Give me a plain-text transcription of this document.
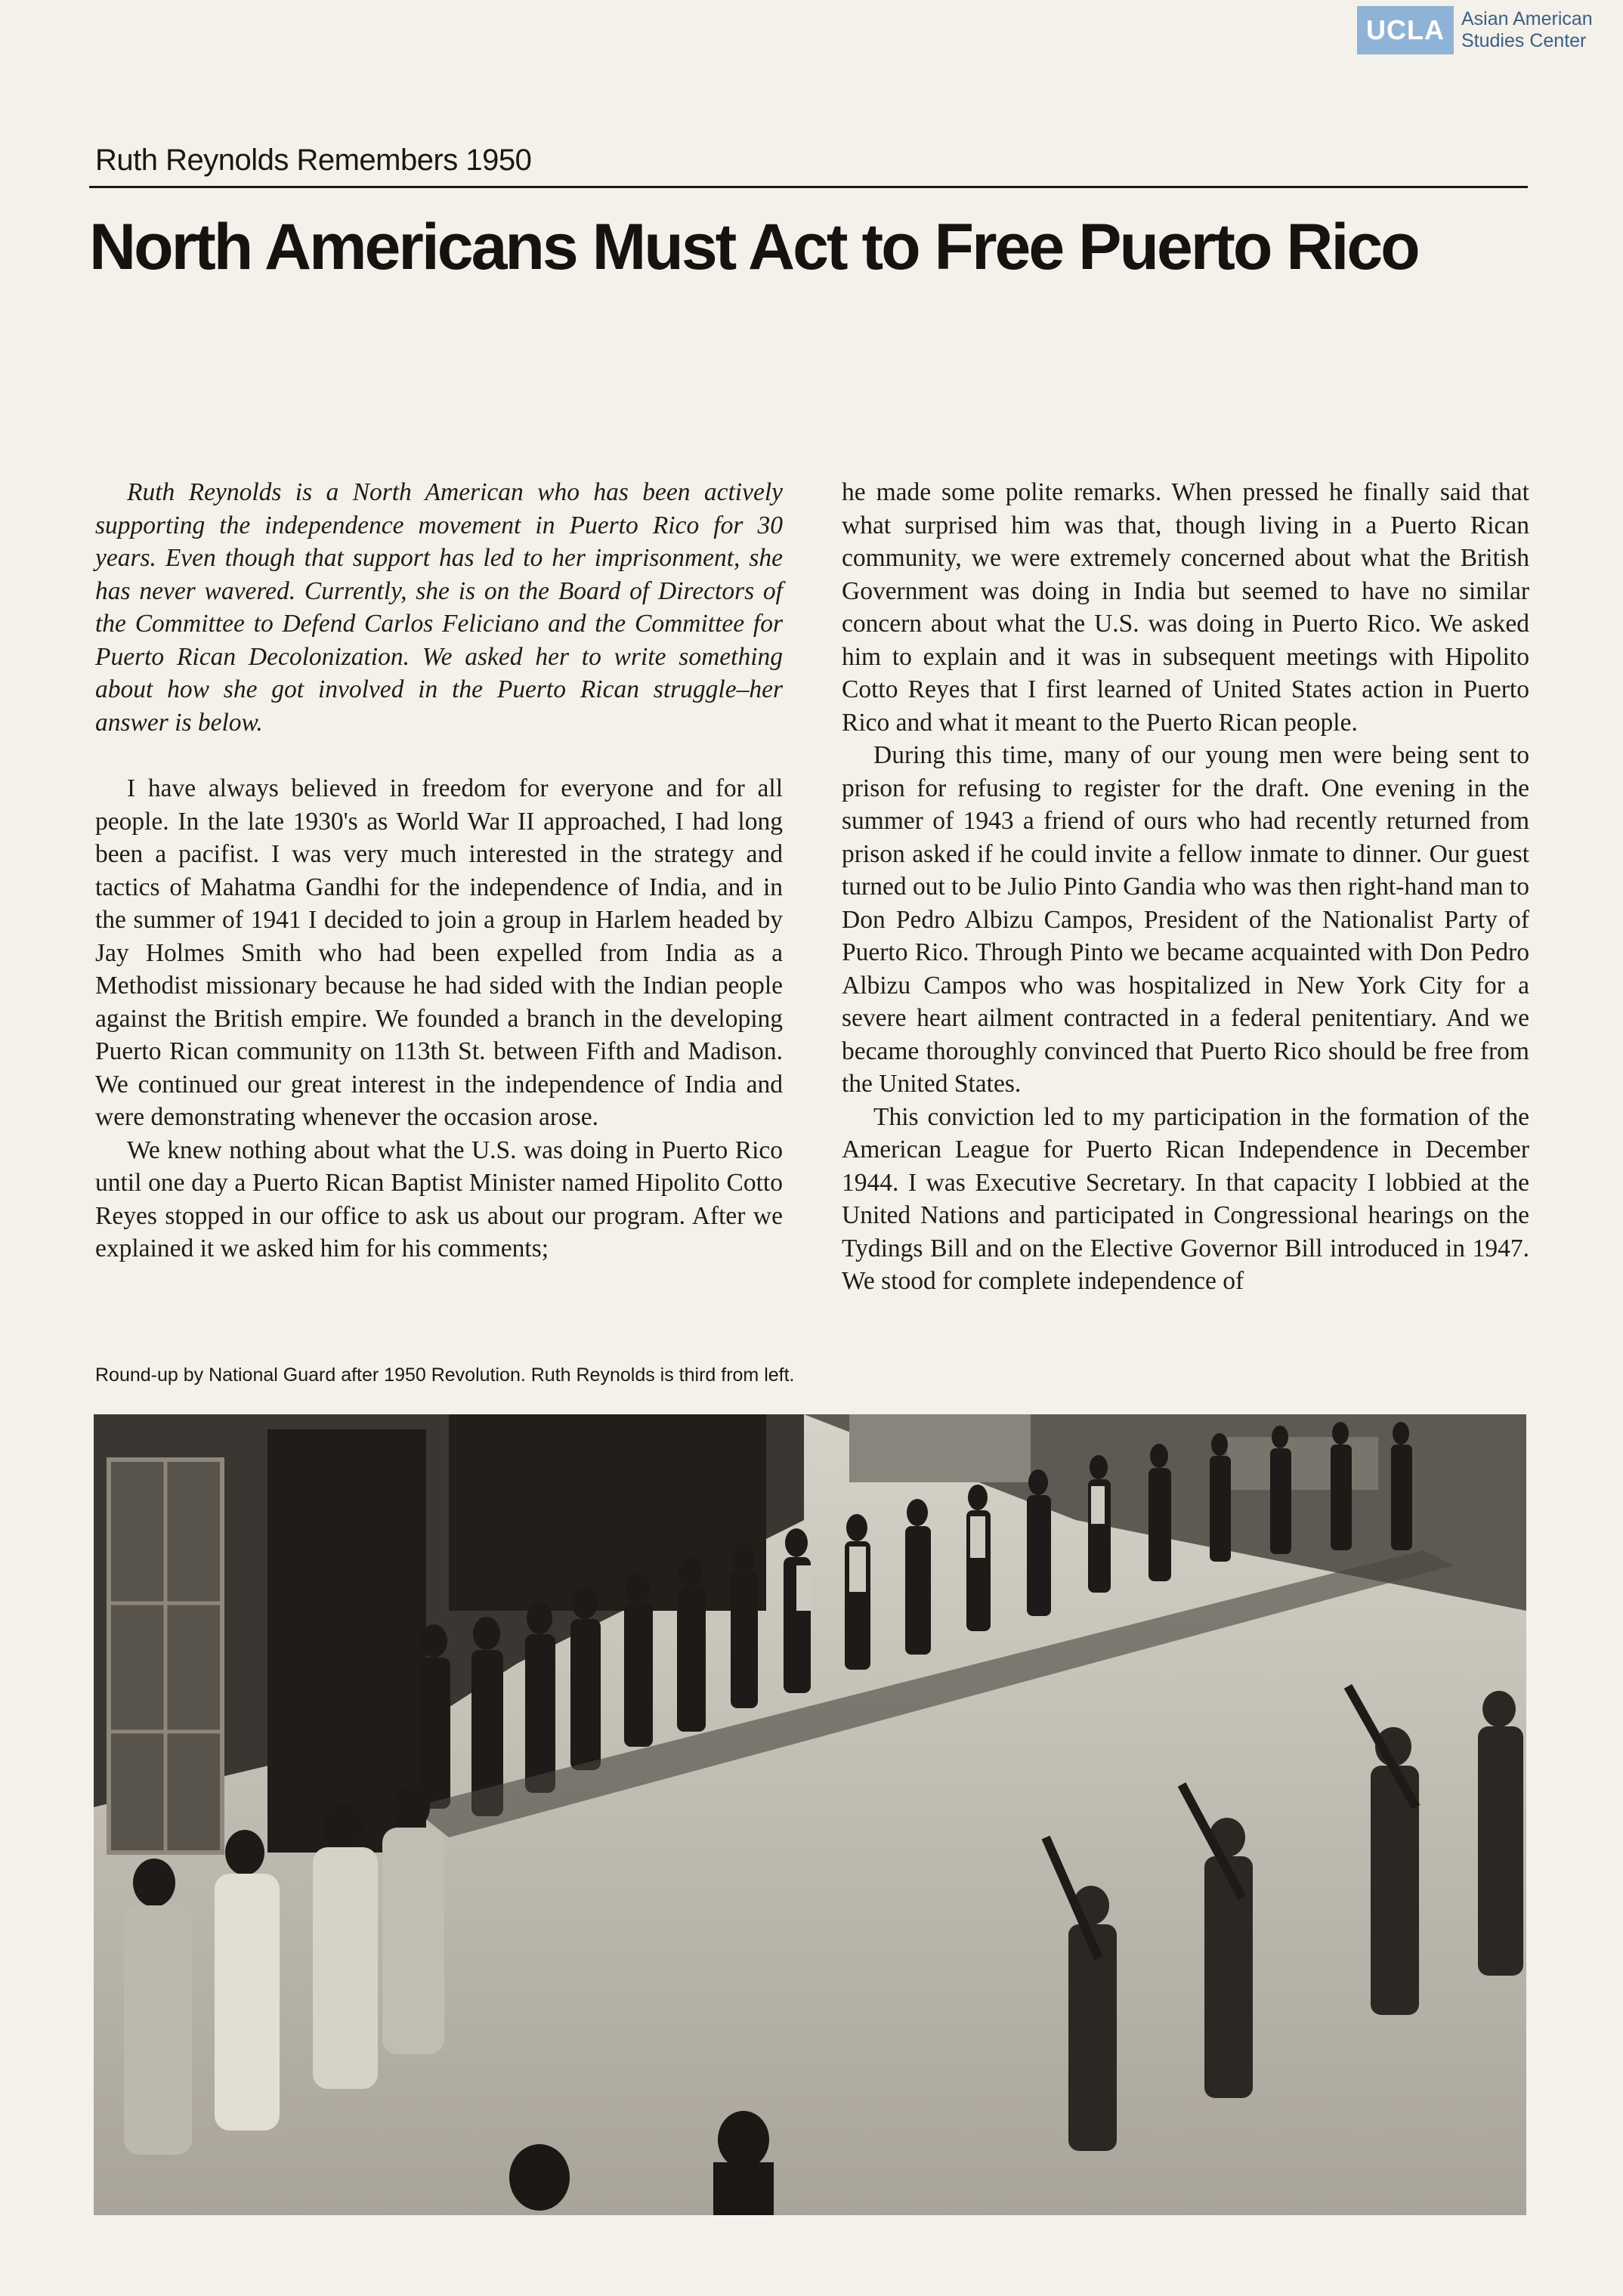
UCLA Asian American
Studies Center
Ruth Reynolds Remembers 1950
North Americans Must Act to Free Puerto Rico

Ruth Reynolds is a North American who has been actively supporting the independence movement in Puerto Rico for 30 years. Even though that support has led to her imprisonment, she has never wavered. Currently, she is on the Board of Directors of the Committee to Defend Carlos Feliciano and the Committee for Puerto Rican Decolonization. We asked her to write something about how she got involved in the Puerto Rican struggle–her answer is below.

I have always believed in freedom for everyone and for all people. In the late 1930's as World War II approached, I had long been a pacifist. I was very much interested in the strategy and tactics of Mahatma Gandhi for the independence of India, and in the summer of 1941 I decided to join a group in Harlem headed by Jay Holmes Smith who had been expelled from India as a Methodist missionary because he had sided with the Indian people against the British empire. We founded a branch in the developing Puerto Rican community on 113th St. between Fifth and Madison. We continued our great interest in the independence of India and were demonstrating whenever the occasion arose.

We knew nothing about what the U.S. was doing in Puerto Rico until one day a Puerto Rican Baptist Minister named Hipolito Cotto Reyes stopped in our office to ask us about our program. After we explained it we asked him for his comments;

he made some polite remarks. When pressed he finally said that what surprised him was that, though living in a Puerto Rican community, we were extremely concerned about what the British Government was doing in India but seemed to have no similar concern about what the U.S. was doing in Puerto Rico. We asked him to explain and it was in subsequent meetings with Hipolito Cotto Reyes that I first learned of United States action in Puerto Rico and what it meant to the Puerto Rican people.

During this time, many of our young men were being sent to prison for refusing to register for the draft. One evening in the summer of 1943 a friend of ours who had recently returned from prison asked if he could invite a fellow inmate to dinner. Our guest turned out to be Julio Pinto Gandia who was then right-hand man to Don Pedro Albizu Campos, President of the Nationalist Party of Puerto Rico. Through Pinto we became acquainted with Don Pedro Albizu Campos who was hospitalized in New York City for a severe heart ailment contracted in a federal penitentiary. And we became thoroughly convinced that Puerto Rico should be free from the United States.

This conviction led to my participation in the formation of the American League for Puerto Rican Independence in December 1944. I was Executive Secretary. In that capacity I lobbied at the United Nations and participated in Congressional hearings on the Tydings Bill and on the Elective Governor Bill introduced in 1947. We stood for complete independence of

Round-up by National Guard after 1950 Revolution. Ruth Reynolds is third from left.
